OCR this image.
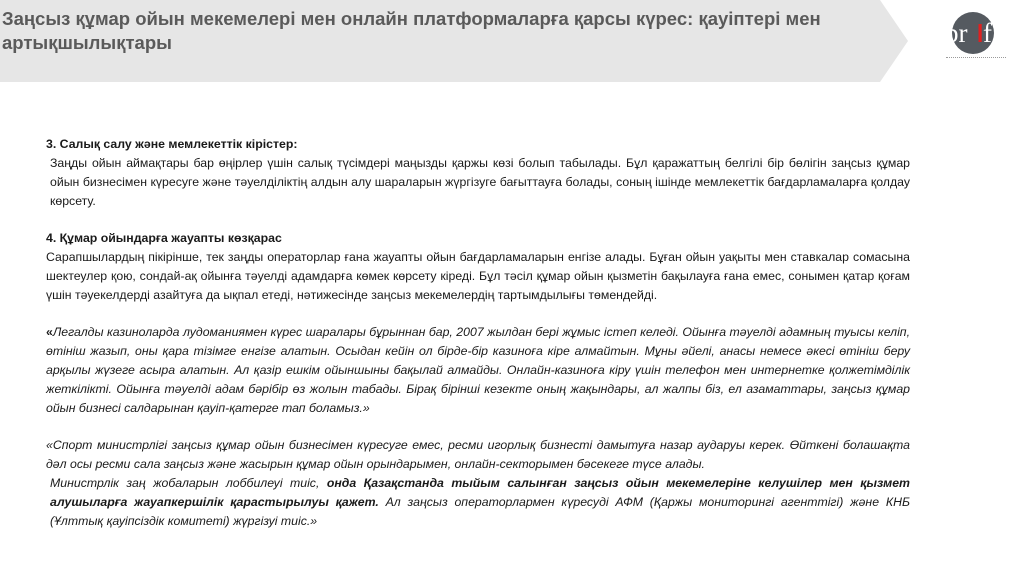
Заңсыз құмар ойын мекемелері мен онлайн платформаларға қарсы күрес: қауіптері мен артықшылықтары	br f

3. Салық салу және мемлекеттік кірістер:

Заңды ойын аймақтары бар өңірлер үшін салық түсімдері маңызды қаржы көзі болып табылады. Бұл қаражаттың белгілі бір бөлігін заңсыз құмар ойын бизнесімен күресуге және тәуелділіктің алдын алу шараларын жүргізуге бағыттауға болады, соның ішінде мемлекеттік бағдарламаларға қолдау көрсету.

4. Құмар ойындарға жауапты көзқарас

Сарапшылардың пікірінше, тек заңды операторлар ғана жауапты ойын бағдарламаларын енгізе алады. Бұған ойын уақыты мен ставкалар сомасына шектеулер қою, сондай-ақ ойынға тәуелді адамдарға көмек көрсету кіреді. Бұл тәсіл құмар ойын қызметін бақылауға ғана емес, сонымен қатар қоғам үшін тәуекелдерді азайтуға да ықпал етеді, нәтижесінде заңсыз мекемелердің тартымдылығы төмендейді.

«Легалды казиноларда лудоманиямен күрес шаралары бұрыннан бар, 2007 жылдан бері жұмыс істеп келеді. Ойынға тәуелді адамның туысы келіп, өтініш жазып, оны қара тізімге енгізе алатын. Осыдан кейін ол бірде-бір казиноға кіре алмайтын. Мұны әйелі, анасы немесе әкесі өтініш беру арқылы жүзеге асыра алатын. Ал қазір ешкім ойыншыны бақылай алмайды. Онлайн-казиноға кіру үшін телефон мен интернетке қолжетімділік жеткілікті. Ойынға тәуелді адам бәрібір өз жолын табады. Бірақ бірінші кезекте оның жақындары, ал жалпы біз, ел азаматтары, заңсыз құмар ойын бизнесі салдарынан қауіп-қатерге тап боламыз.»

«Спорт министрлігі заңсыз құмар ойын бизнесімен күресуге емес, ресми игорлық бизнесті дамытуға назар аударуы керек. Өйткені болашақта дәл осы ресми сала заңсыз және жасырын құмар ойын орындарымен, онлайн-секторымен бәсекеге түсе алады.

Министрлік заң жобаларын лоббилеуі тиіс, онда Қазақстанда тыйым салынған заңсыз ойын мекемелеріне келушілер мен қызмет алушыларға жауапкершілік қарастырылуы қажет. Ал заңсыз операторлармен күресуді АФМ (Қаржы мониторингі агенттігі) және КНБ (Ұлттық қауіпсіздік комитеті) жүргізуі тиіс.»
